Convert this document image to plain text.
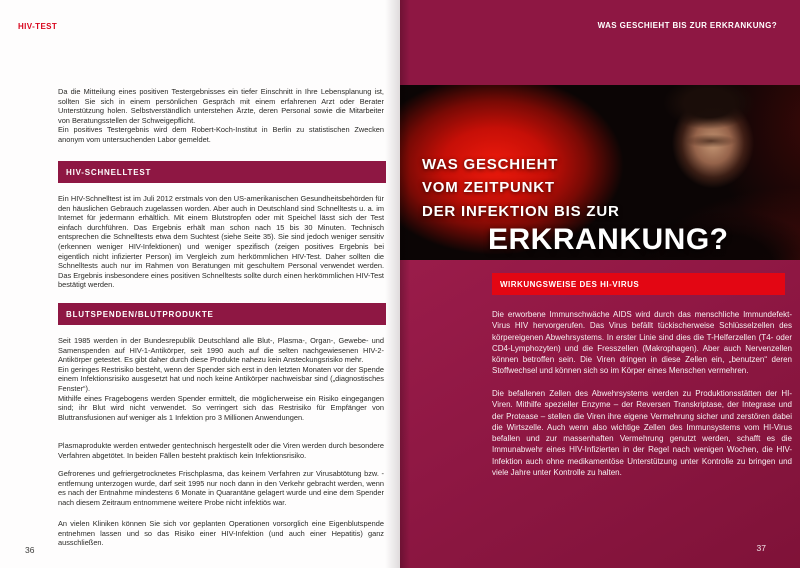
HIV-TEST

Da die Mitteilung eines positiven Testergebnisses ein tiefer Einschnitt in Ihre Lebensplanung ist, sollten Sie sich in einem persönlichen Gespräch mit einem erfahrenen Arzt oder Berater Unterstützung holen. Selbstverständlich unterstehen Ärzte, deren Personal sowie die Mitarbeiter von Beratungsstellen der Schweigepflicht.

Ein positives Testergebnis wird dem Robert-Koch-Institut in Berlin zu statistischen Zwecken anonym vom untersuchenden Labor gemeldet.

HIV-SCHNELLTEST

Ein HIV-Schnelltest ist im Juli 2012 erstmals von den US-amerikanischen Gesundheitsbehörden für den häuslichen Gebrauch zugelassen worden. Aber auch in Deutschland sind Schnelltests u. a. im Internet für jedermann erhältlich. Mit einem Blutstropfen oder mit Speichel lässt sich der Test einfach durchführen. Das Ergebnis erhält man schon nach 15 bis 30 Minuten. Technisch entsprechen die Schnelltests etwa dem Suchtest (siehe Seite 35). Sie sind jedoch weniger sensitiv (erkennen weniger HIV-Infektionen) und weniger spezifisch (zeigen positives Ergebnis bei eigentlich nicht infizierter Person) im Vergleich zum herkömmlichen HIV-Test. Daher sollten die Schnelltests auch nur im Rahmen von Beratungen mit geschultem Personal verwendet werden. Das Ergebnis insbesondere eines positiven Schnelltests sollte durch einen herkömmlichen HIV-Test bestätigt werden.

BLUTSPENDEN/BLUTPRODUKTE

Seit 1985 werden in der Bundesrepublik Deutschland alle Blut-, Plasma-, Organ-, Gewebe- und Samenspenden auf HIV-1-Antikörper, seit 1990 auch auf die selten nachgewiesenen HIV-2-Antikörper getestet. Es gibt daher durch diese Produkte nahezu kein Ansteckungsrisiko mehr.

Ein geringes Restrisiko besteht, wenn der Spender sich erst in den letzten Monaten vor der Spende einem Infektionsrisiko ausgesetzt hat und noch keine Antikörper nachweisbar sind („diagnostisches Fenster“).

Mithilfe eines Fragebogens werden Spender ermittelt, die möglicherweise ein Risiko eingegangen sind; ihr Blut wird nicht verwendet. So verringert sich das Restrisiko für Empfänger von Bluttransfusionen auf weniger als 1 Infektion pro 3 Millionen Anwendungen.

Plasmaprodukte werden entweder gentechnisch hergestellt oder die Viren werden durch besondere Verfahren abgetötet. In beiden Fällen besteht praktisch kein Infektionsrisiko.

Gefrorenes und gefriergetrocknetes Frischplasma, das keinem Verfahren zur Virusabtötung bzw. -entfernung unterzogen wurde, darf seit 1995 nur noch dann in den Verkehr gebracht werden, wenn es nach der Entnahme mindestens 6 Monate in Quarantäne gelagert wurde und eine dem Spender nach diesem Zeitraum entnommene weitere Probe nicht infektiös war.

An vielen Kliniken können Sie sich vor geplanten Operationen vorsorglich eine Eigenblutspende entnehmen lassen und so das Risiko einer HIV-Infektion (und auch einer Hepatitis) ganz ausschließen.

36
WAS GESCHIEHT BIS ZUR ERKRANKUNG?
WAS GESCHIEHT
VOM ZEITPUNKT
DER INFEKTION BIS ZUR
ERKRANKUNG?
WIRKUNGSWEISE DES HI-VIRUS

Die erworbene Immunschwäche AIDS wird durch das menschliche Immundefekt-Virus HIV hervorgerufen. Das Virus befällt tückischerweise Schlüsselzellen des körpereigenen Abwehrsystems. In erster Linie sind dies die T-Helferzellen (T4- oder CD4-Lymphozyten) und die Fresszellen (Makrophagen). Aber auch Nervenzellen können betroffen sein. Die Viren dringen in diese Zellen ein, „benutzen“ deren Stoffwechsel und können sich so im Körper eines Menschen vermehren.

Die befallenen Zellen des Abwehrsystems werden zu Produktionsstätten der HI-Viren. Mithilfe spezieller Enzyme – der Reversen Transkriptase, der Integrase und der Protease – stellen die Viren ihre eigene Vermehrung sicher und zerstören dabei die Wirtszelle. Auch wenn also wichtige Zellen des Immunsystems vom HI-Virus befallen und zur massenhaften Vermehrung genutzt werden, schafft es die Immunabwehr eines HIV-Infizierten in der Regel nach wenigen Wochen, die HIV-Infektion auch ohne medikamentöse Unterstützung unter Kontrolle zu bringen und viele Jahre unter Kontrolle zu halten.

37
